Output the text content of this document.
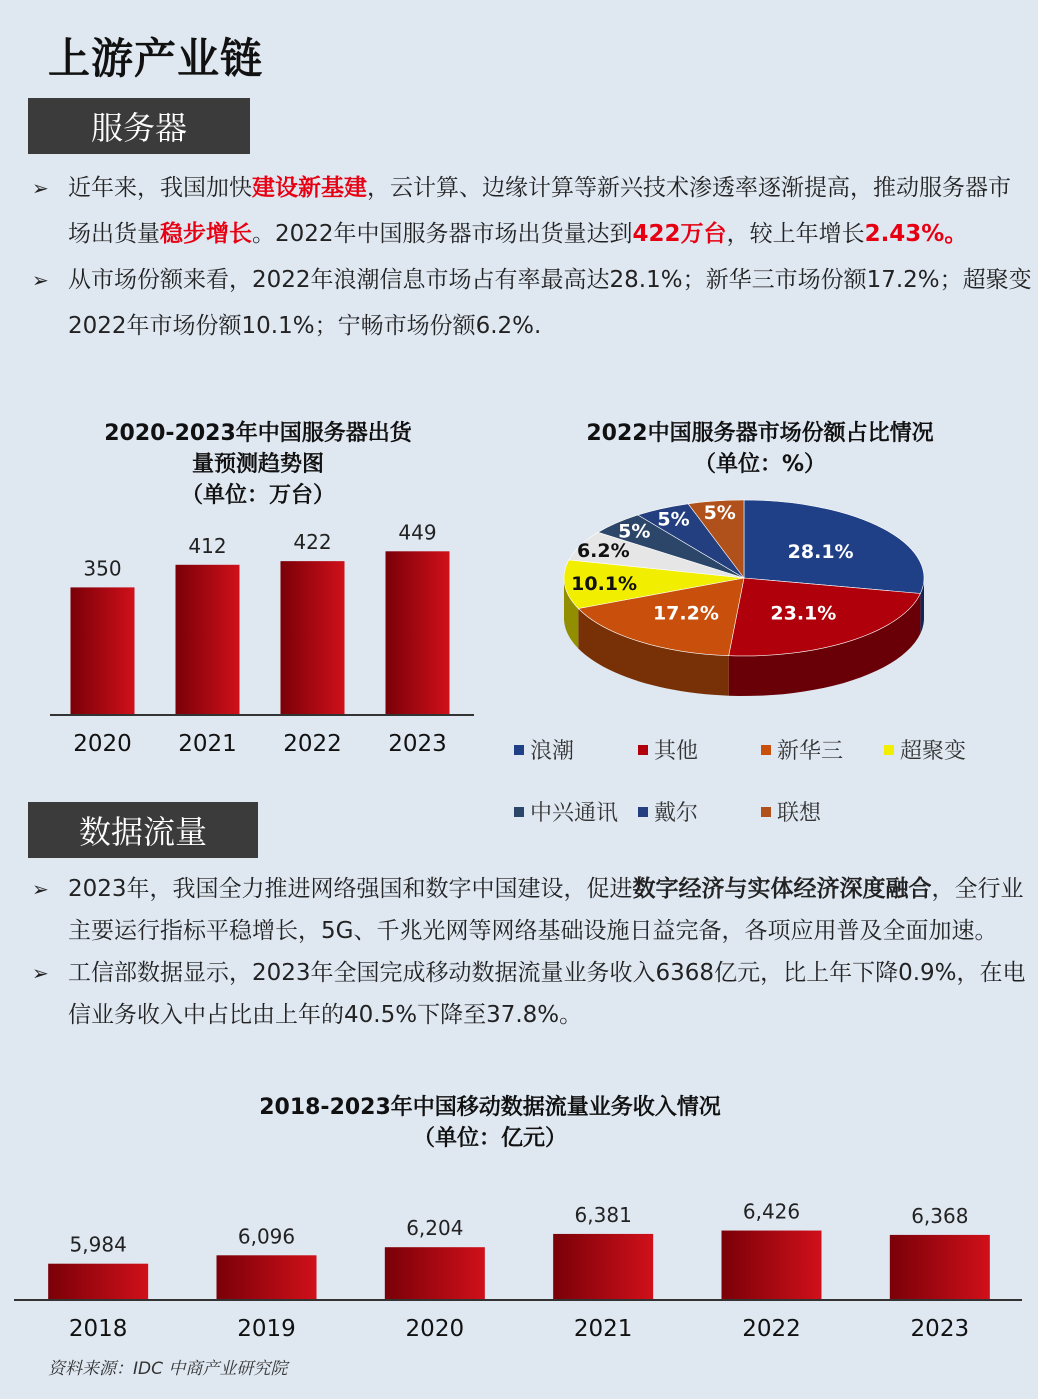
上游产业链
服务器
➢ 近年来，我国加快建设新基建，云计算、边缘计算等新兴技术渗透率逐渐提高，推动服务器市场出货量稳步增长。2022年中国服务器市场出货量达到422万台，较上年增长2.43%。
➢ 从市场份额来看，2022年浪潮信息市场占有率最高达28.1%；新华三市场份额17.2%；超聚变2022年市场份额10.1%；宁畅市场份额6.2%.
2020-2023年中国服务器出货
量预测趋势图
（单位：万台）
350
2020
412
2021
422
2022
449
2023
2022中国服务器市场份额占比情况
（单位：%）
28.1%
23.1%
17.2%
10.1%
6.2%
5%
5% 5%
浪潮	其他	新华三	超聚变
中兴通讯 戴尔	联想
数据流量
➢ 2023年，我国全力推进网络强国和数字中国建设，促进数字经济与实体经济深度融合，全行业主要运行指标平稳增长，5G、千兆光网等网络基础设施日益完备，各项应用普及全面加速。
➢ 工信部数据显示，2023年全国完成移动数据流量业务收入6368亿元，比上年下降0.9%，在电信业务收入中占比由上年的40.5%下降至37.8%。
2018-2023年中国移动数据流量业务收入情况
（单位：亿元）
5,984
2018
6,096
2019
6,204
2020
6,381
2021
6,426
2022
6,368
2023
资料来源：IDC 中商产业研究院
